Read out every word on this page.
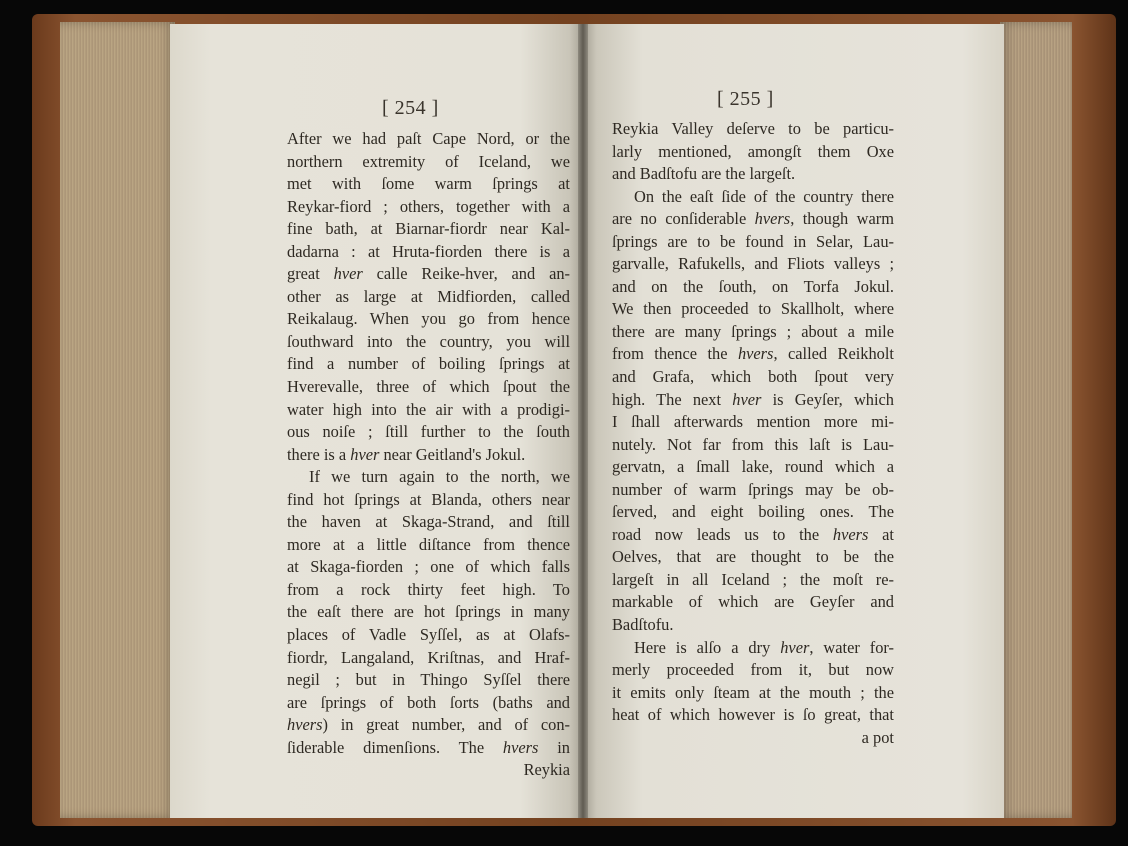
[ 254 ]	[ 255 ]
After we had paſt Cape Nord, or the
northern extremity of Iceland, we
met with ſome warm ſprings at
Reykar-fiord ; others, together with a
fine bath, at Biarnar-fiordr near Kal-
dadarna : at Hruta-fiorden there is a
great hver calle Reike-hver, and an-
other as large at Midfiorden, called
Reikalaug. When you go from hence
ſouthward into the country, you will
find a number of boiling ſprings at
Hverevalle, three of which ſpout the
water high into the air with a prodigi-
ous noiſe ; ſtill further to the ſouth
there is a hver near Geitland's Jokul.
If we turn again to the north, we
find hot ſprings at Blanda, others near
the haven at Skaga-Strand, and ſtill
more at a little diſtance from thence
at Skaga-fiorden ; one of which falls
from a rock thirty feet high. To
the eaſt there are hot ſprings in many
places of Vadle Syſſel, as at Olafs-
fiordr, Langaland, Kriſtnas, and Hraf-
negil ; but in Thingo Syſſel there
are ſprings of both ſorts (baths and
hvers) in great number, and of con-
ſiderable dimenſions. The hvers in
Reykia
Reykia Valley deſerve to be particu-
larly mentioned, amongſt them Oxe
and Badſtofu are the largeſt.
On the eaſt ſide of the country there
are no conſiderable hvers, though warm
ſprings are to be found in Selar, Lau-
garvalle, Rafukells, and Fliots valleys ;
and on the ſouth, on Torfa Jokul.
We then proceeded to Skallholt, where
there are many ſprings ; about a mile
from thence the hvers, called Reikholt
and Grafa, which both ſpout very
high. The next hver is Geyſer, which
I ſhall afterwards mention more mi-
nutely. Not far from this laſt is Lau-
gervatn, a ſmall lake, round which a
number of warm ſprings may be ob-
ſerved, and eight boiling ones. The
road now leads us to the hvers at
Oelves, that are thought to be the
largeſt in all Iceland ; the moſt re-
markable of which are Geyſer and
Badſtofu.
Here is alſo a dry hver, water for-
merly proceeded from it, but now
it emits only ſteam at the mouth ; the
heat of which however is ſo great, that
a pot
